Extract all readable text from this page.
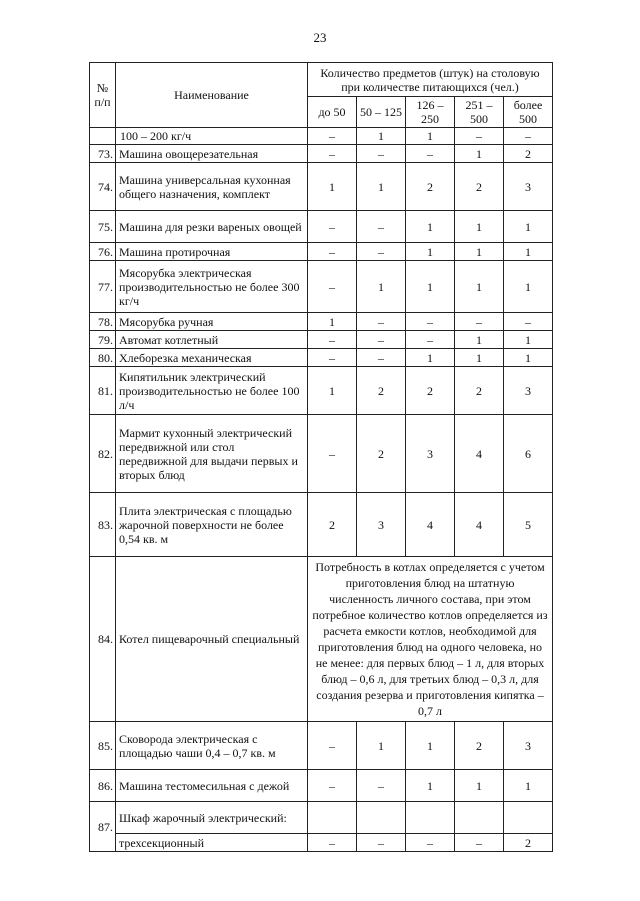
23
№ п/п	Наименование	Количество предметов (штук) на столовую при количестве питающихся (чел.)				
		до 50	50 – 125	126 – 250	251 – 500	более 500
	100 – 200 кг/ч	–	1	1	–	–
73.	Машина овощерезательная	–	–	–	1	2
74.	Машина универсальная кухонная общего назначения, комплект	1	1	2	2	3
75.	Машина для резки вареных овощей	–	–	1	1	1
76.	Машина протирочная	–	–	1	1	1
77.	Мясорубка электрическая производительностью не более 300 кг/ч	–	1	1	1	1
78.	Мясорубка ручная	1	–	–	–	–
79.	Автомат котлетный	–	–	–	1	1
80.	Хлеборезка механическая	–	–	1	1	1
81.	Кипятильник электрический производительностью не более 100 л/ч	1	2	2	2	3
82.	Мармит кухонный электрический передвижной или стол передвижной для выдачи первых и вторых блюд	–	2	3	4	6
83.	Плита электрическая с площадью жарочной поверхности не более 0,54 кв. м	2	3	4	4	5
84.	Котел пищеварочный специальный	Потребность в котлах определяется с учетом приготовления блюд на штатную численность личного состава, при этом потребное количество котлов определяется из расчета емкости котлов, необходимой для приготовления блюд на одного человека, но не менее: для первых блюд – 1 л, для вторых блюд – 0,6 л, для третьих блюд – 0,3 л, для создания резерва и приготовления кипятка – 0,7 л				
85.	Сковорода электрическая с площадью чаши 0,4 – 0,7 кв. м	–	1	1	2	3
86.	Машина тестомесильная с дежой	–	–	1	1	1
87.	Шкаф жарочный электрический:					
	трехсекционный	–	–	–	–	2
